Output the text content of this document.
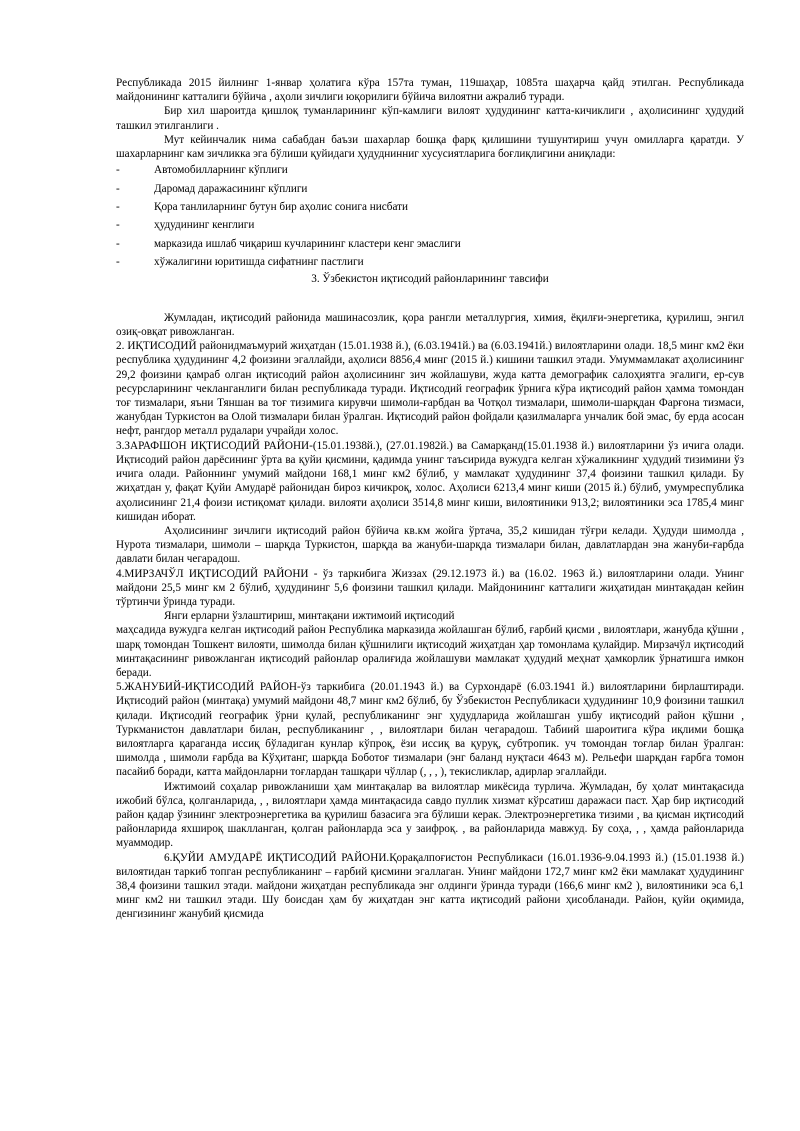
Республикада 2015 йилнинг 1-январ ҳолатига кўра 157та туман, 119шаҳар, 1085та шаҳарча қайд этилган. Республикада майдонининг катталиги бўйича , аҳоли зичлиги юқорилиги бўйича вилоятни ажралиб туради.

Бир хил шароитда қишлоқ туманларининг кўп-камлиги вилоят ҳудудининг катта-кичиклиги , аҳолисининг ҳудудий ташкил этилганлиги .

Мут кейинчалик нима сабабдан баъзи шахарлар бошқа фарқ қилишини тушунтириш учун омилларга қаратди. У шахарларнинг кам зичликка эга бўлиши қуйидаги ҳудуднинниг хусусиятларига боғлиқлигини аниқлади:

-	Автомобилларнинг кўплиги
-	Даромад даражасининг кўплиги
-	Қора танлиларнинг бутун бир аҳолис сонига нисбати
-	ҳудудининг кенглиги
-	марказида ишлаб чиқариш кучларининг кластери кенг эмаслиги
-	хўжалигини юритишда сифатнинг пастлиги

3. Ўзбекистон иқтисодий районларининг тавсифи

Жумладан, иқтисодий районида машинасозлик, қора рангли металлургия, химия, ёқилғи-энергетика, қурилиш, энгил озиқ-овқат ривожланган.

2. ИҚТИСОДИЙ районидмаъмурий жиҳатдан (15.01.1938 й.), (6.03.1941й.) ва (6.03.1941й.) вилоятларини олади. 18,5 минг км2 ёки республика ҳудудининг 4,2 фоизини эгаллайди, аҳолиси 8856,4 минг (2015 й.) кишини ташкил этади. Умуммамлакат аҳолисининг 29,2 фоизини қамраб олган иқтисодий район аҳолисининг зич жойлашуви, жуда катта демографик салоҳиятга эгалиги, ер-сув ресурсларининг чекланганлиги билан республикада туради. Иқтисодий географик ўрнига кўра иқтисодий район ҳамма томондан тоғ тизмалари, яъни Тяншан ва тоғ тизимига кирувчи шимоли-ғарбдан ва Чотқол тизмалари, шимоли-шарқдан Фарғона тизмаси, жанубдан Туркистон ва Олой тизмалари билан ўралган. Иқтисодий район фойдали қазилмаларга унчалик бой эмас, бу ерда асосан нефт, рангдор металл рудалари учрайди холос.

3.ЗАРАФШОН ИҚТИСОДИЙ РАЙОНИ-(15.01.1938й.), (27.01.1982й.) ва Самарқанд(15.01.1938 й.) вилоятларини ўз ичига олади. Иқтисодий район дарёсининг ўрта ва қуйи қисмини, қадимда унинг таъсирида вужудга келган хўжаликнинг ҳудудий тизимини ўз ичига олади. Районнинг умумий майдони 168,1 минг км2 бўлиб, у мамлакат ҳудудининг 37,4 фоизини ташкил қилади. Бу жиҳатдан у, фақат Қуйи Амударё районидан бироз кичикроқ, холос. Аҳолиси 6213,4 минг киши (2015 й.) бўлиб, умумреспублика аҳолисининг 21,4 фоизи истиқомат қилади. вилояти аҳолиси 3514,8 минг киши, вилоятиники 913,2; вилоятиники эса 1785,4 минг кишидан иборат.

Аҳолисининг зичлиги иқтисодий район бўйича кв.км жойга ўртача, 35,2 кишидан тўғри келади. Ҳудуди шимолда , Нурота тизмалари, шимоли – шарқда Туркистон, шарқда ва жануби-шарқда тизмалари билан, давлатлардан эна жануби-ғарбда давлати билан чегарадош.

4.МИРЗАЧЎЛ ИҚТИСОДИЙ РАЙОНИ - ўз таркибига Жиззах (29.12.1973 й.) ва (16.02. 1963 й.) вилоятларини олади. Унинг майдони 25,5 минг км 2 бўлиб, ҳудудининг 5,6 фоизини ташкил қилади. Майдонининг катталиги жиҳатидан минтақадан кейин тўртинчи ўринда туради.

Янги ерларни ўзлаштириш, минтақани ижтимоий иқтисодий

маҳсадида вужудга келган иқтисодий район Республика марказида жойлашган бўлиб, ғарбий қисми , вилоятлари, жанубда қўшни , шарқ томондан Тошкент вилояти, шимолда билан қўшнилиги иқтисодий жиҳатдан ҳар томонлама қулайдир. Мирзачўл иқтисодий минтақасининг ривожланган иқтисодий районлар оралиғида жойлашуви мамлакат ҳудудий меҳнат ҳамкорлик ўрнатишга имкон беради.

5.ЖАНУБИЙ-ИҚТИСОДИЙ РАЙОН-ўз таркибига (20.01.1943 й.) ва Сурхондарё (6.03.1941 й.) вилоятларини бирлаштиради. Иқтисодий район (минтақа) умумий майдони 48,7 минг км2 бўлиб, бу Ўзбекистон Республикаси ҳудудининг 10,9 фоизини ташкил қилади. Иқтисодий географик ўрни қулай, республиканинг энг ҳудудларида жойлашган ушбу иқтисодий район қўшни , Туркманистон давлатлари билан, республиканинг , , вилоятлари билан чегарадош. Табиий шароитига кўра иқлими бошқа вилоятларга қараганда иссиқ бўладиган кунлар кўпроқ, ёзи иссиқ ва қуруқ, субтропик. уч томондан тоғлар билан ўралган: шимолда , шимоли ғарбда ва Кўҳитанг, шарқда Боботоғ тизмалари (энг баланд нуқтаси 4643 м). Рельефи шарқдан ғарбга томон пасайиб боради, катта майдонларни тоғлардан ташқари чўллар (, , , ), текисликлар, адирлар эгаллайди.

Ижтимоий соҳалар ривожланиши ҳам минтақалар ва вилоятлар микёсида турлича. Жумладан, бу ҳолат минтақасида ижобий бўлса, қолганларида, , , вилоятлари ҳамда минтақасида савдо пуллик хизмат кўрсатиш даражаси паст. Ҳар бир иқтисодий район қадар ўзининг электроэнергетика ва қурилиш базасига эга бўлиши керак. Электроэнергетика тизими , ва қисман иқтисодий районларида яхшироқ шаклланган, қолган районларда эса у заифроқ. , ва районларида мавжуд. Бу соҳа, , , ҳамда районларида муаммодир.

6.ҚУЙИ АМУДАРЁ ИҚТИСОДИЙ РАЙОНИ.Қорақалпоғистон Республикаси (16.01.1936-9.04.1993 й.) (15.01.1938 й.) вилоятидан таркиб топган республиканинг – ғарбий қисмини эгаллаган. Унинг майдони 172,7 минг км2 ёки мамлакат ҳудудининг 38,4 фоизини ташкил этади. майдони жиҳатдан республикада энг олдинги ўринда туради (166,6 минг км2 ), вилоятиники эса 6,1 минг км2 ни ташкил этади. Шу боисдан ҳам бу жиҳатдан энг катта иқтисодий райони ҳисобланади. Район, қуйи оқимида, денгизининг жанубий қисмида
